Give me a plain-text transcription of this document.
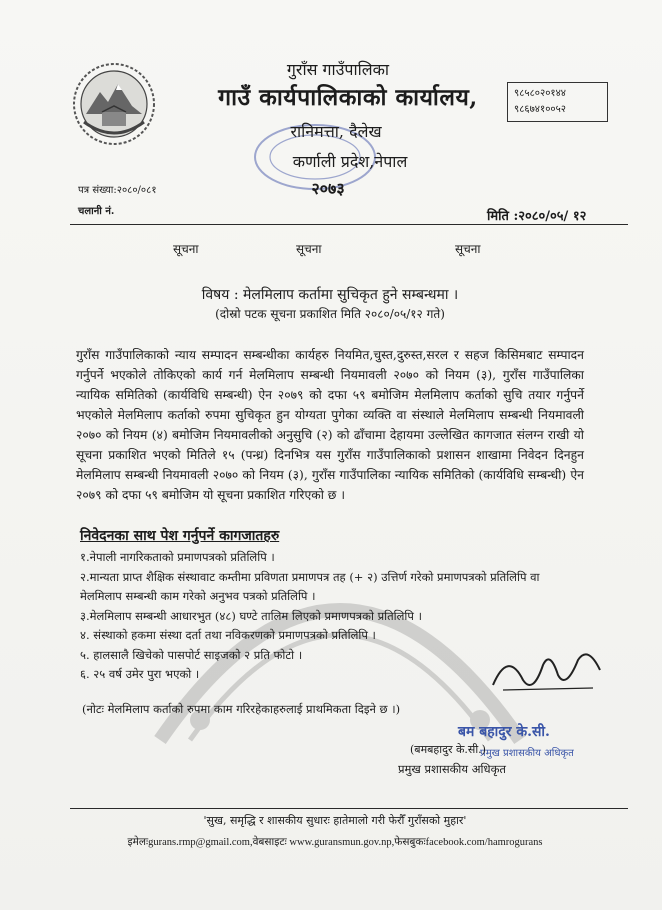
गुराँस गाउँपालिका
गाउँ कार्यपालिकाको कार्यालय,
रानिमत्ता, दैलेख
कर्णाली प्रदेश,नेपाल
२०७३
९८५८०२०१४४
९८६७४१००५२
पत्र संख्या:२०८०/०८१
चलानी नं.	मिति :२०८०/०५/ १२
सूचना	सूचना	सूचना
विषय : मेलमिलाप कर्तामा सुचिकृत हुने सम्बन्धमा ।
(दोस्रो पटक सूचना प्रकाशित मिति २०८०/०५/१२ गते)
गुराँस गाउँपालिकाको न्याय सम्पादन सम्बन्धीका कार्यहरु नियमित,चुस्त,दुरुस्त,सरल र सहज किसिमबाट सम्पादन गर्नुपर्ने भएकोले तोकिएको कार्य गर्न मेलमिलाप सम्बन्धी नियमावली २०७० को नियम (३), गुराँस गाउँपालिका न्यायिक समितिको (कार्यविधि सम्बन्धी) ऐन २०७९ को दफा ५९ बमोजिम मेलमिलाप कर्ताको सुचि तयार गर्नुपर्ने भएकोले मेलमिलाप कर्ताको रुपमा सुचिकृत हुन योग्यता पुगेका व्यक्ति वा संस्थाले मेलमिलाप सम्बन्धी नियमावली २०७० को नियम (४) बमोजिम नियमावलीको अनुसुचि (२) को ढाँचामा देहायमा उल्लेखित कागजात संलग्न राखी यो सूचना प्रकाशित भएको मितिले १५ (पन्ध्र) दिनभित्र यस गुराँस गाउँपालिकाको प्रशासन शाखामा निवेदन दिनहुन मेलमिलाप सम्बन्धी नियमावली २०७० को नियम (३), गुराँस गाउँपालिका न्यायिक समितिको (कार्यविधि सम्बन्धी) ऐन २०७९ को दफा ५९ बमोजिम यो सूचना प्रकाशित गरिएको छ ।
निवेदनका साथ पेश गर्नुपर्ने कागजातहरु
१.नेपाली नागरिकताको प्रमाणपत्रको प्रतिलिपि ।
२.मान्यता प्राप्त शैक्षिक संस्थावाट कम्तीमा प्रविणता प्रमाणपत्र तह (+ २) उत्तिर्ण गरेको प्रमाणपत्रको प्रतिलिपि वा मेलमिलाप सम्बन्धी काम गरेको अनुभव पत्रको प्रतिलिपि ।
३.मेलमिलाप सम्बन्धी आधारभुत (४८) घण्टे तालिम लिएको प्रमाणपत्रको प्रतिलिपि ।
४. संस्थाको हकमा संस्था दर्ता तथा नविकरणको प्रमाणपत्रको प्रतिलिपि ।
५. हालसालै खिचेको पासपोर्ट साइजको २ प्रति फोटो ।
६. २५ वर्ष उमेर पुरा भएको ।
(नोटः मेलमिलाप कर्ताको रुपमा काम गरिरहेकाहरुलाई प्राथमिकता दिइने छ ।)
बम बहादुर के.सी.
प्रमुख प्रशासकीय अधिकृत
(बमबहादुर के.सी.)
प्रमुख प्रशासकीय अधिकृत
'सुख, समृद्धि र शासकीय सुधारः हातेमालो गरी फेरौँ गुराँसको मुहार'
इमेलःgurans.rmp@gmail.com,वेबसाइटः www.guransmun.gov.np,फेसबुकःfacebook.com/hamrogurans
